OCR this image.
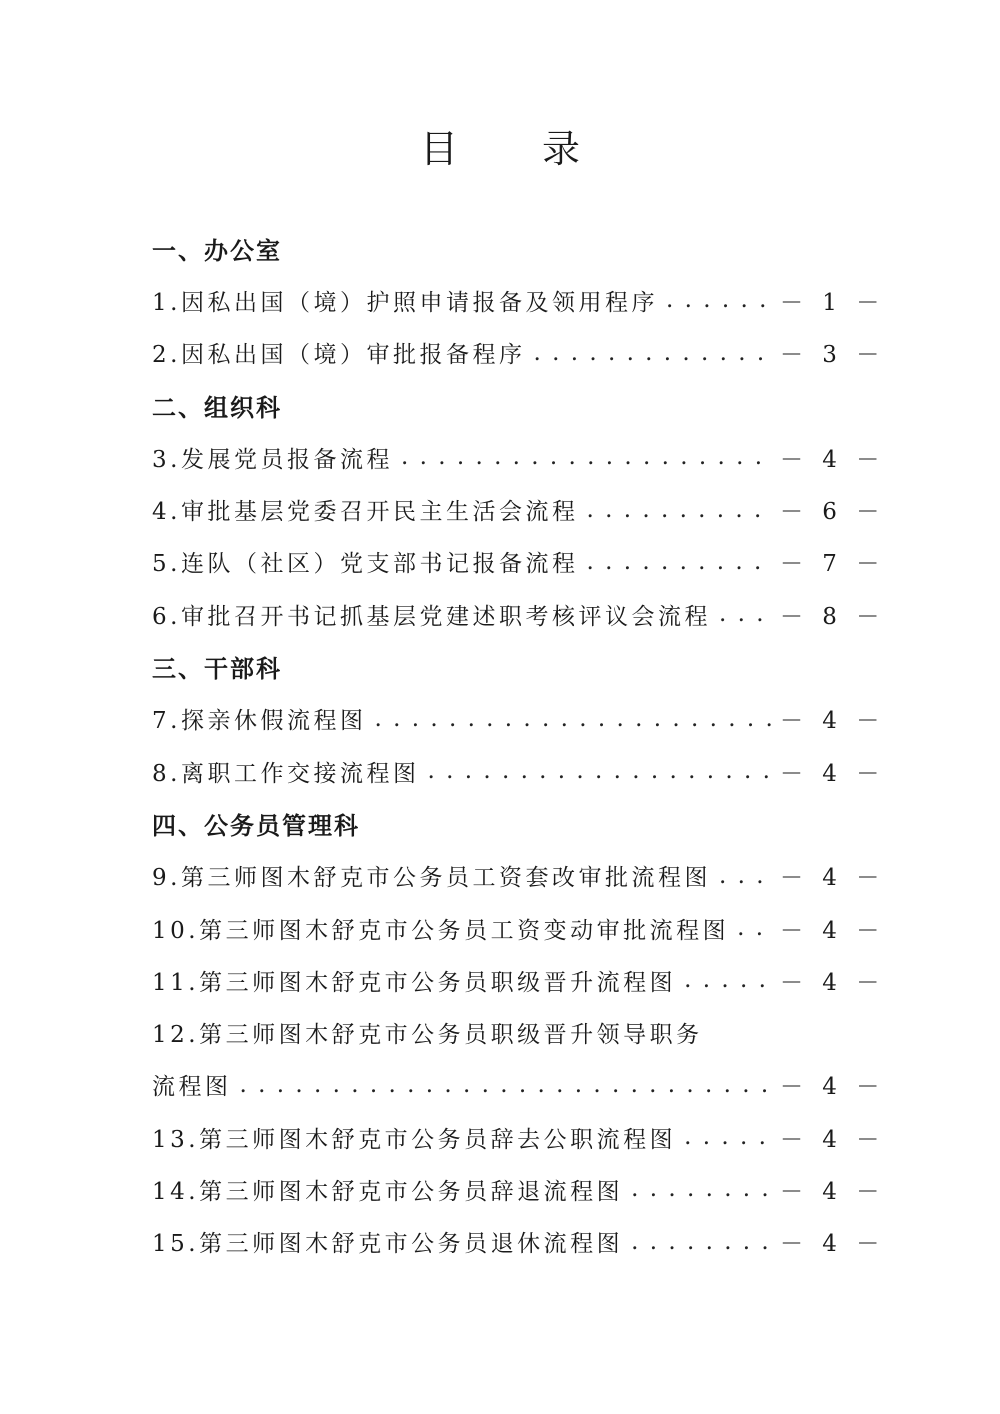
目 录
一、办公室
1.因私出国（境）护照申请报备及领用程序 . . .	－ 1 －
2.因私出国（境）审批报备程序 . . .	－ 3 －
二、组织科
3.发展党员报备流程 . . .	－ 4 －
4.审批基层党委召开民主生活会流程 . . .	－ 6 －
5.连队（社区）党支部书记报备流程 . . .	－ 7 －
6.审批召开书记抓基层党建述职考核评议会流程 . . .	－ 8 －
三、干部科
7.探亲休假流程图 . . .	－ 4 －
8.离职工作交接流程图 . . .	－ 4 －
四、公务员管理科
9.第三师图木舒克市公务员工资套改审批流程图 . . .	－ 4 －
10.第三师图木舒克市公务员工资变动审批流程图 . . . － 4 －
11.第三师图木舒克市公务员职级晋升流程图 . . .	－ 4 －
12.第三师图木舒克市公务员职级晋升领导职务
流程图 . . .	－ 4 －
13.第三师图木舒克市公务员辞去公职流程图 . . .	－ 4 －
14.第三师图木舒克市公务员辞退流程图 . . .	－ 4 －
15.第三师图木舒克市公务员退休流程图 . . .	－ 4 －
